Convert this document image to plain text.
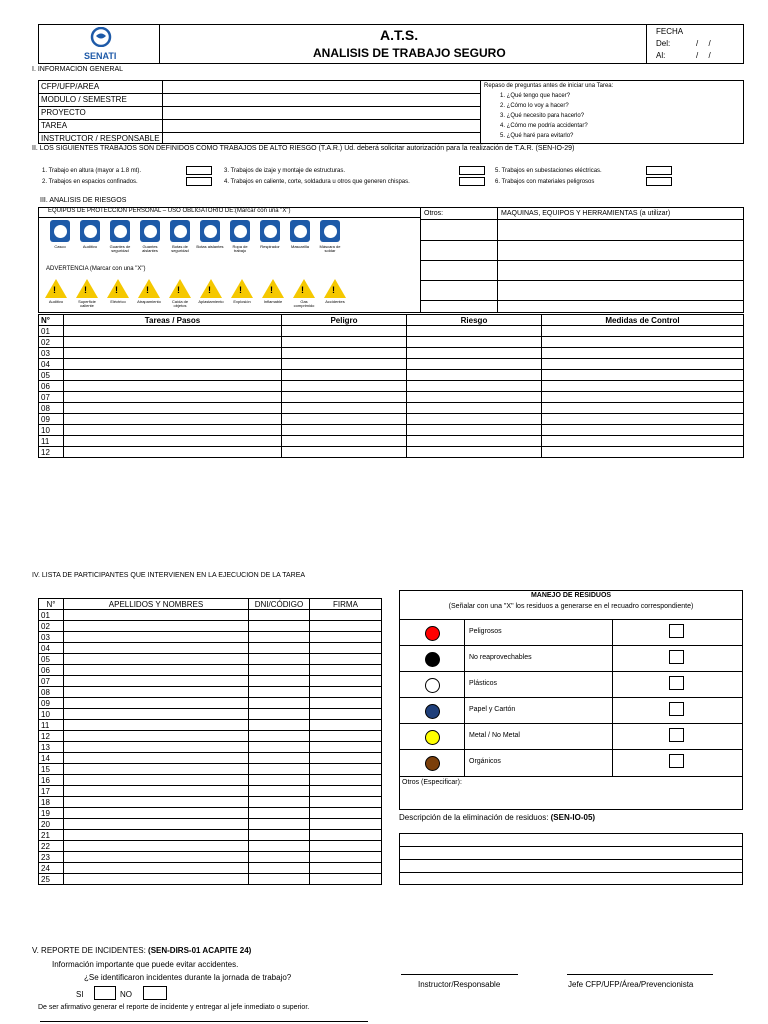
SENATI
A.T.S.
ANALISIS DE TRABAJO SEGURO
FECHA
Del:	/ /
Al:	/ /
I. INFORMACION GENERAL
CFP/UFP/AREA
MODULO / SEMESTRE
PROYECTO
TAREA
INSTRUCTOR / RESPONSABLE
Repaso de preguntas antes de iniciar una Tarea:
1. ¿Qué tengo que hacer?
2. ¿Cómo lo voy a hacer?
3. ¿Qué necesito para hacerlo?
4. ¿Cómo me podría accidentar?
5. ¿Qué haré para evitarlo?
II. LOS SIGUIENTES TRABAJOS SON DEFINIDOS COMO TRABAJOS DE ALTO RIESGO (T.A.R.) Ud. deberá solicitar autorización para la realización de T.A.R. (SEN-IO-29)
1. Trabajo en altura (mayor a 1.8 mt).
2. Trabajos en espacios confinados.
3. Trabajos de izaje y montaje de estructuras.
4. Trabajos en caliente, corte, soldadura u otros que generen chispas.
5. Trabajos en subestaciones eléctricas.
6. Trabajos con materiales peligrosos
III. ANALISIS DE RIESGOS
EQUIPOS DE PROTECCION PERSONAL – USO OBLIGATORIO DE:(Marcar con una "X")	Otros:	MAQUINAS, EQUIPOS Y HERRAMIENTAS (a utilizar)
Casco	Auditivo	Guantes de seguridad
Guantes aislantes
Botas de seguridad
Botas aislantes	Ropa de trabajo
Respirador	Mascarilla	Máscara de soldar
ADVERTENCIA (Marcar con una "X")
!
Auditivo
!
Superficie caliente
!
Eléctrico
!
Atrapamiento
!
Caída de objetos
!
Aplastamiento
!
Explosión
!
Inflamable
!
Gas comprimido
!
Accidentes
N°	Tareas / Pasos	Peligro	Riesgo	Medidas de Control
01				
02				
03				
04				
05				
06				
07				
08				
09				
10				
11				
12				
IV. LISTA DE PARTICIPANTES QUE INTERVIENEN EN LA EJECUCION DE LA TAREA
N°	APELLIDOS Y NOMBRES	DNI/CÓDIGO	FIRMA
01			
02			
03			
04			
05			
06			
07			
08			
09			
10			
11			
12			
13			
14			
15			
16			
17			
18			
19			
20			
21			
22			
23			
24			
25			
MANEJO DE RESIDUOS
(Señalar con una "X" los residuos a generarse en el recuadro correspondiente)
Peligrosos
No reaprovechables
Plásticos
Papel y Cartón
Metal / No Metal
Orgánicos
Otros (Especificar):
Descripción de la eliminación de residuos: (SEN-IO-05)
V. REPORTE DE INCIDENTES: (SEN-DIRS-01 ACAPITE 24)
Información importante que puede evitar accidentes.
¿Se identificaron incidentes durante la jornada de trabajo?
SI	NO
De ser afirmativo generar el reporte de incidente y entregar al jefe inmediato o superior.
Instructor/Responsable	Jefe CFP/UFP/Área/Prevencionista
